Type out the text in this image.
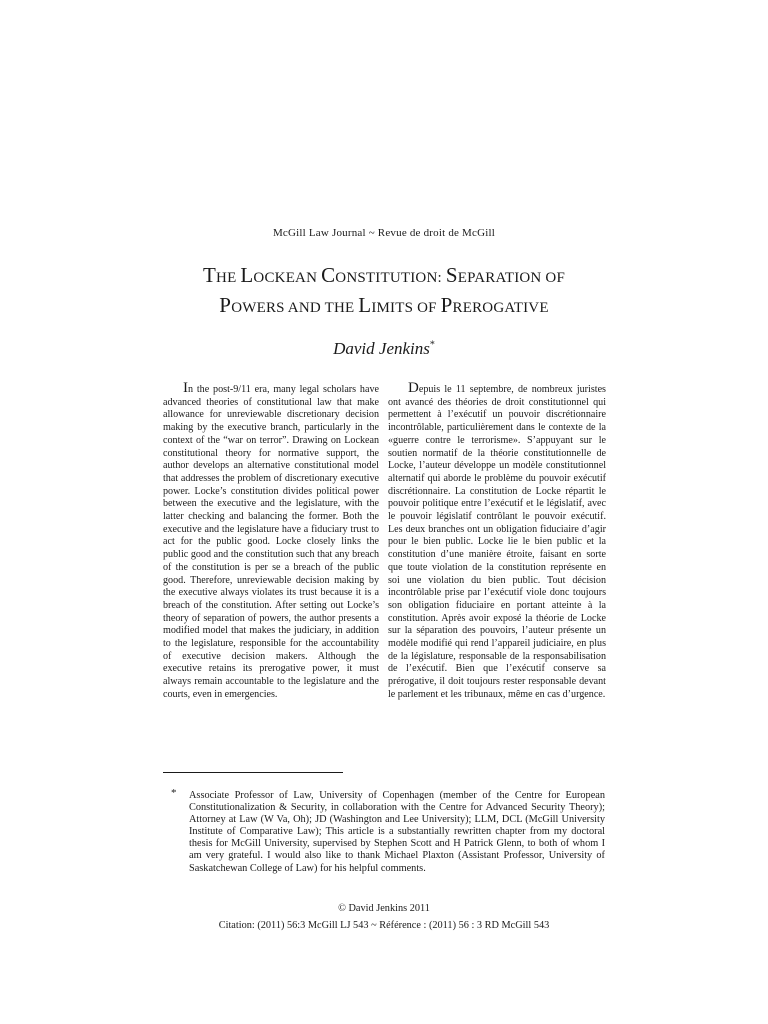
McGill Law Journal ~ Revue de droit de McGill
THE LOCKEAN CONSTITUTION: SEPARATION OF
POWERS AND THE LIMITS OF PREROGATIVE
David Jenkins*
In the post-9/11 era, many legal scholars have advanced theories of constitutional law that make allowance for unreviewable discretionary decision making by the executive branch, particularly in the context of the “war on terror”. Drawing on Lockean constitutional theory for normative support, the author develops an alternative constitutional model that addresses the problem of discretionary executive power. Locke’s constitution divides political power between the executive and the legislature, with the latter checking and balancing the former. Both the executive and the legislature have a fiduciary trust to act for the public good. Locke closely links the public good and the constitution such that any breach of the constitution is per se a breach of the public good. Therefore, unreviewable decision making by the executive always violates its trust because it is a breach of the constitution. After setting out Locke’s theory of separation of powers, the author presents a modified model that makes the judiciary, in addition to the legislature, responsible for the accountability of executive decision makers. Although the executive retains its prerogative power, it must always remain accountable to the legislature and the courts, even in emergencies.
Depuis le 11 septembre, de nombreux juristes ont avancé des théories de droit constitutionnel qui permettent à l’exécutif un pouvoir discrétionnaire incontrôlable, particulièrement dans le contexte de la «guerre contre le terrorisme». S’appuyant sur le soutien normatif de la théorie constitutionnelle de Locke, l’auteur développe un modèle constitutionnel alternatif qui aborde le problème du pouvoir exécutif discrétionnaire. La constitution de Locke répartit le pouvoir politique entre l’exécutif et le législatif, avec le pouvoir législatif contrôlant le pouvoir exécutif. Les deux branches ont un obligation fiduciaire d’agir pour le bien public. Locke lie le bien public et la constitution d’une manière étroite, faisant en sorte que toute violation de la constitution représente en soi une violation du bien public. Tout décision incontrôlable prise par l’exécutif viole donc toujours son obligation fiduciaire en portant atteinte à la constitution. Après avoir exposé la théorie de Locke sur la séparation des pouvoirs, l’auteur présente un modèle modifié qui rend l’appareil judiciaire, en plus de la législature, responsable de la responsabilisation de l’exécutif. Bien que l’exécutif conserve sa prérogative, il doit toujours rester responsable devant le parlement et les tribunaux, même en cas d’urgence.
* Associate Professor of Law, University of Copenhagen (member of the Centre for European Constitutionalization & Security, in collaboration with the Centre for Advanced Security Theory); Attorney at Law (W Va, Oh); JD (Washington and Lee University); LLM, DCL (McGill University Institute of Comparative Law); This article is a substantially rewritten chapter from my doctoral thesis for McGill University, supervised by Stephen Scott and H Patrick Glenn, to both of whom I am very grateful. I would also like to thank Michael Plaxton (Assistant Professor, University of Saskatchewan College of Law) for his helpful comments.
© David Jenkins 2011
Citation: (2011) 56:3 McGill LJ 543 ~ Référence : (2011) 56 : 3 RD McGill 543
